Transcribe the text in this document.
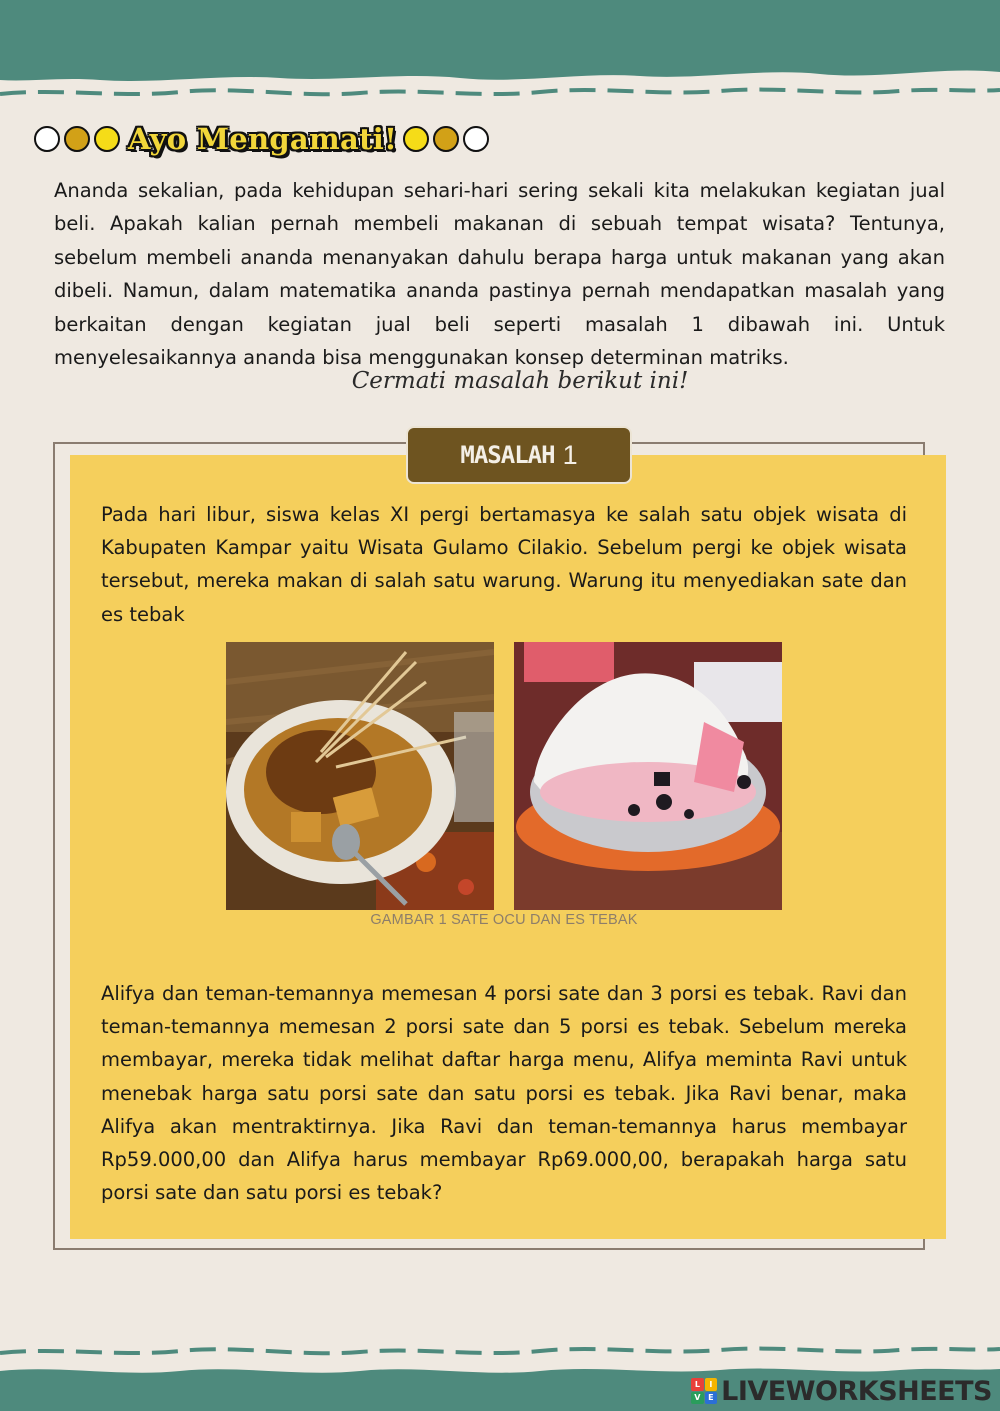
Ayo Mengamati!

Ananda sekalian, pada kehidupan sehari-hari sering sekali kita melakukan kegiatan jual beli. Apakah kalian pernah membeli makanan di sebuah tempat wisata? Tentunya, sebelum membeli ananda menanyakan dahulu berapa harga untuk makanan yang akan dibeli. Namun, dalam matematika ananda pastinya pernah mendapatkan masalah yang berkaitan dengan kegiatan jual beli seperti masalah 1 dibawah ini. Untuk menyelesaikannya ananda bisa menggunakan konsep determinan matriks.

Cermati masalah berikut ini!
MASALAH 1

Pada hari libur, siswa kelas XI pergi bertamasya ke salah satu objek wisata di Kabupaten Kampar yaitu Wisata Gulamo Cilakio. Sebelum pergi ke objek wisata tersebut, mereka makan di salah satu warung. Warung itu menyediakan sate dan es tebak

GAMBAR 1 SATE OCU DAN ES TEBAK

Alifya dan teman-temannya memesan 4 porsi sate dan 3 porsi es tebak. Ravi dan teman-temannya memesan 2 porsi sate dan 5 porsi es tebak. Sebelum mereka membayar, mereka tidak melihat daftar harga menu, Alifya meminta Ravi untuk menebak harga satu porsi sate dan satu porsi es tebak. Jika Ravi benar, maka Alifya akan mentraktirnya. Jika Ravi dan teman-temannya harus membayar Rp59.000,00 dan Alifya harus membayar Rp69.000,00, berapakah harga satu porsi sate dan satu porsi es tebak?

L	I
V E LIVEWORKSHEETS
